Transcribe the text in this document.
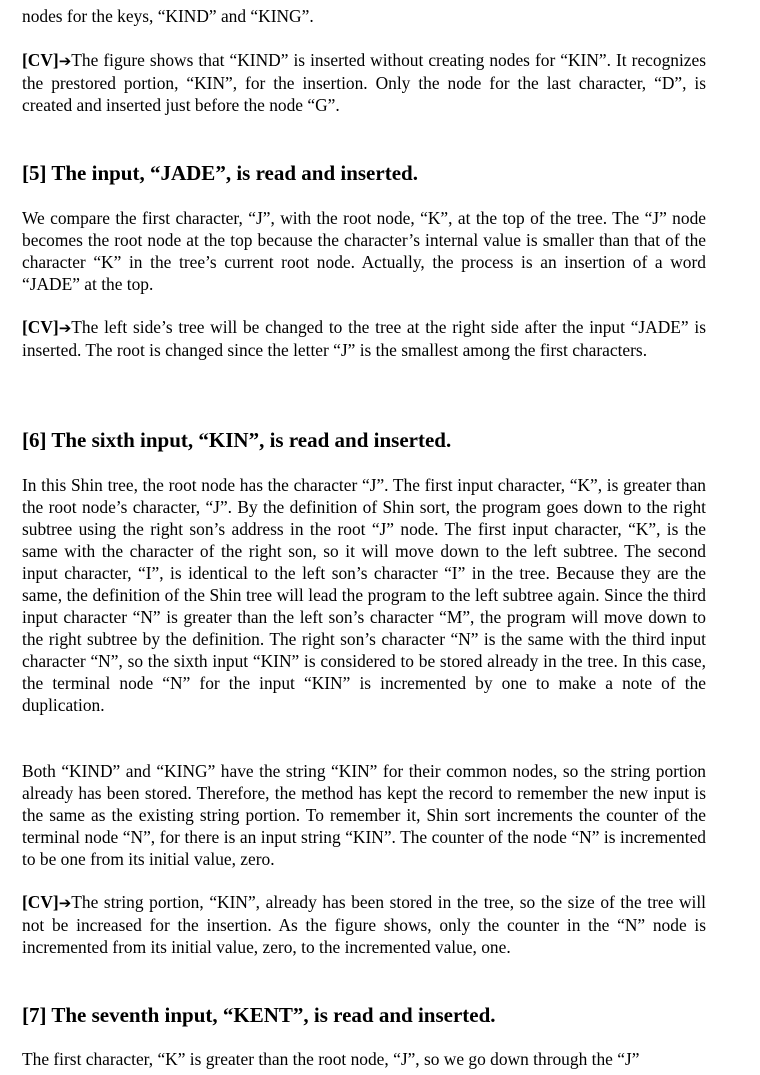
nodes for the keys, “KIND” and “KING”.

[CV]➔The figure shows that “KIND” is inserted without creating nodes for “KIN”. It recognizes the prestored portion, “KIN”, for the insertion. Only the node for the last character, “D”, is created and inserted just before the node “G”.

[5] The input, “JADE”, is read and inserted.

We compare the first character, “J”, with the root node, “K”, at the top of the tree. The “J” node becomes the root node at the top because the character’s internal value is smaller than that of the character “K” in the tree’s current root node. Actually, the process is an insertion of a word “JADE” at the top.

[CV]➔The left side’s tree will be changed to the tree at the right side after the input “JADE” is inserted. The root is changed since the letter “J” is the smallest among the first characters.

[6] The sixth input, “KIN”, is read and inserted.

In this Shin tree, the root node has the character “J”. The first input character, “K”, is greater than the root node’s character, “J”. By the definition of Shin sort, the program goes down to the right subtree using the right son’s address in the root “J” node. The first input character, “K”, is the same with the character of the right son, so it will move down to the left subtree. The second input character, “I”, is identical to the left son’s character “I” in the tree. Because they are the same, the definition of the Shin tree will lead the program to the left subtree again. Since the third input character “N” is greater than the left son’s character “M”, the program will move down to the right subtree by the definition. The right son’s character “N” is the same with the third input character “N”, so the sixth input “KIN” is considered to be stored already in the tree. In this case, the terminal node “N” for the input “KIN” is incremented by one to make a note of the duplication.

Both “KIND” and “KING” have the string “KIN” for their common nodes, so the string portion already has been stored. Therefore, the method has kept the record to remember the new input is the same as the existing string portion. To remember it, Shin sort increments the counter of the terminal node “N”, for there is an input string “KIN”. The counter of the node “N” is incremented to be one from its initial value, zero.

[CV]➔The string portion, “KIN”, already has been stored in the tree, so the size of the tree will not be increased for the insertion. As the figure shows, only the counter in the “N” node is incremented from its initial value, zero, to the incremented value, one.

[7] The seventh input, “KENT”, is read and inserted.

The first character, “K” is greater than the root node, “J”, so we go down through the “J”
